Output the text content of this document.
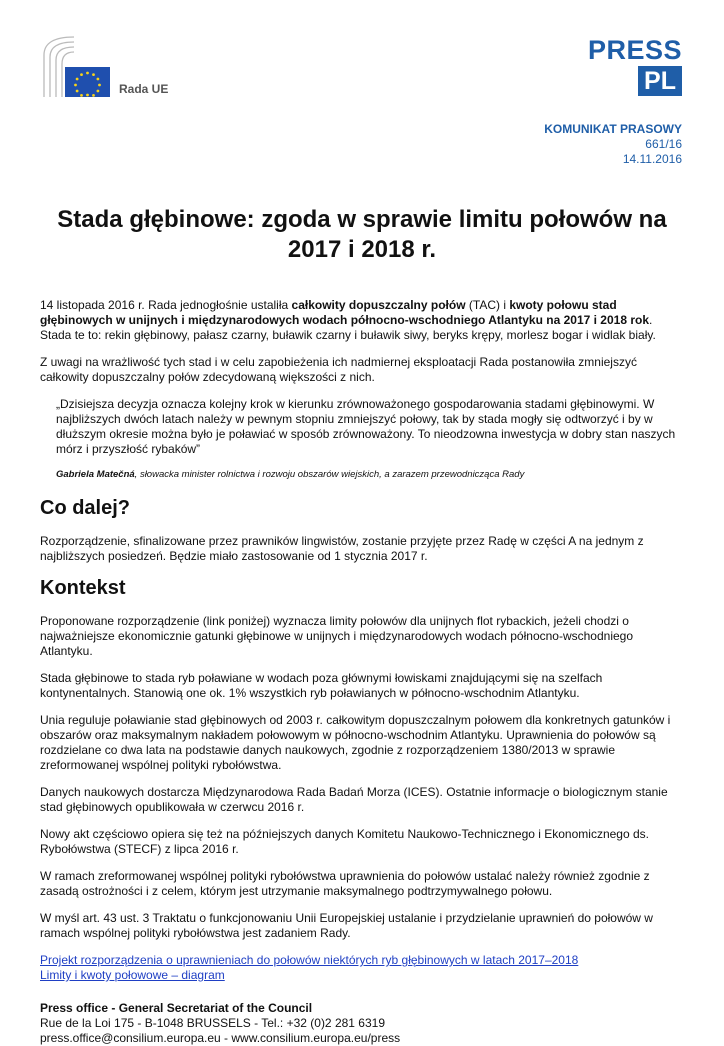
Rada UE
PRESS
PL
KOMUNIKAT PRASOWY
661/16
14.11.2016
Stada głębinowe: zgoda w sprawie limitu połowów na 2017 i 2018 r.

14 listopada 2016 r. Rada jednogłośnie ustaliła całkowity dopuszczalny połów (TAC) i kwoty połowu stad głębinowych w unijnych i międzynarodowych wodach północno-wschodniego Atlantyku na 2017 i 2018 rok. Stada te to: rekin głębinowy, pałasz czarny, buławik czarny i buławik siwy, beryks krępy, morlesz bogar i widlak biały.

Z uwagi na wrażliwość tych stad i w celu zapobieżenia ich nadmiernej eksploatacji Rada postanowiła zmniejszyć całkowity dopuszczalny połów zdecydowaną większości z nich.

„Dzisiejsza decyzja oznacza kolejny krok w kierunku zrównoważonego gospodarowania stadami głębinowymi. W najbliższych dwóch latach należy w pewnym stopniu zmniejszyć połowy, tak by stada mogły się odtworzyć i by w dłuższym okresie można było je poławiać w sposób zrównoważony. To nieodzowna inwestycja w dobry stan naszych mórz i przyszłość rybaków”

Gabriela Matečná, słowacka minister rolnictwa i rozwoju obszarów wiejskich, a zarazem przewodnicząca Rady

Co dalej?

Rozporządzenie, sfinalizowane przez prawników lingwistów, zostanie przyjęte przez Radę w części A na jednym z najbliższych posiedzeń. Będzie miało zastosowanie od 1 stycznia 2017 r.

Kontekst

Proponowane rozporządzenie (link poniżej) wyznacza limity połowów dla unijnych flot rybackich, jeżeli chodzi o najważniejsze ekonomicznie gatunki głębinowe w unijnych i międzynarodowych wodach północno-wschodniego Atlantyku.

Stada głębinowe to stada ryb poławiane w wodach poza głównymi łowiskami znajdującymi się na szelfach kontynentalnych. Stanowią one ok. 1% wszystkich ryb poławianych w północno-wschodnim Atlantyku.

Unia reguluje poławianie stad głębinowych od 2003 r. całkowitym dopuszczalnym połowem dla konkretnych gatunków i obszarów oraz maksymalnym nakładem połowowym w północno-wschodnim Atlantyku. Uprawnienia do połowów są rozdzielane co dwa lata na podstawie danych naukowych, zgodnie z rozporządzeniem 1380/2013 w sprawie zreformowanej wspólnej polityki rybołówstwa.

Danych naukowych dostarcza Międzynarodowa Rada Badań Morza (ICES). Ostatnie informacje o biologicznym stanie stad głębinowych opublikowała w czerwcu 2016 r.

Nowy akt częściowo opiera się też na późniejszych danych Komitetu Naukowo-Technicznego i Ekonomicznego ds. Rybołówstwa (STECF) z lipca 2016 r.

W ramach zreformowanej wspólnej polityki rybołówstwa uprawnienia do połowów ustalać należy również zgodnie z zasadą ostrożności i z celem, którym jest utrzymanie maksymalnego podtrzymywalnego połowu.

W myśl art. 43 ust. 3 Traktatu o funkcjonowaniu Unii Europejskiej ustalanie i przydzielanie uprawnień do połowów w ramach wspólnej polityki rybołówstwa jest zadaniem Rady.

Projekt rozporządzenia o uprawnieniach do połowów niektórych ryb głębinowych w latach 2017–2018
Limity i kwoty połowowe – diagram
Press office - General Secretariat of the Council
Rue de la Loi 175 - B-1048 BRUSSELS - Tel.: +32 (0)2 281 6319
press.office@consilium.europa.eu - www.consilium.europa.eu/press
